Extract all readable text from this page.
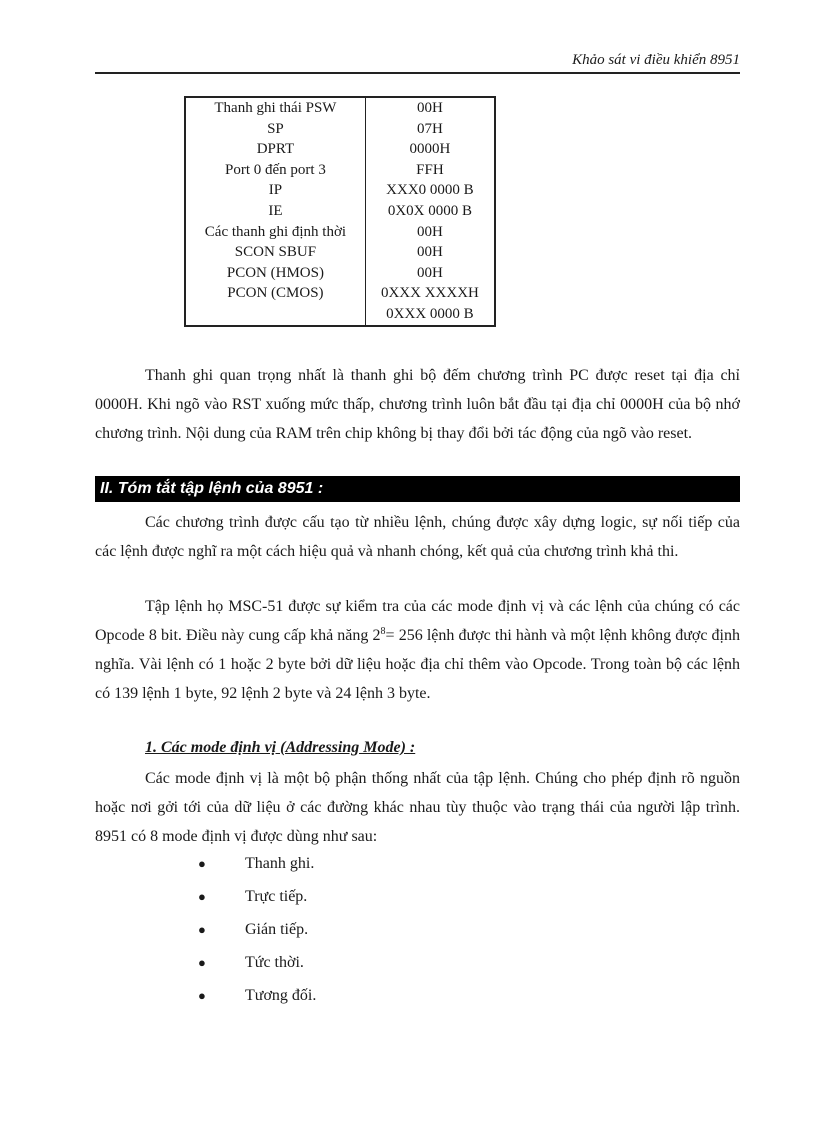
Khảo sát vi điều khiển 8951
Thanh ghi thái PSW	00H
SP	07H
DPRT	0000H
Port 0 đến port 3	FFH
IP	XXX0 0000 B
IE	0X0X 0000 B
Các thanh ghi định thời	00H
SCON SBUF	00H
PCON (HMOS)	00H
PCON (CMOS)	0XXX XXXXH
	0XXX 0000 B

Thanh ghi quan trọng nhất là thanh ghi bộ đếm chương trình PC được reset tại địa chỉ 0000H. Khi ngõ vào RST xuống mức thấp, chương trình luôn bắt đầu tại địa chỉ 0000H của bộ nhớ chương trình. Nội dung của RAM trên chip không bị thay đổi bởi tác động của ngõ vào reset.

II. Tóm tắt tập lệnh của 8951 :

Các chương trình được cấu tạo từ nhiều lệnh, chúng được xây dựng logic, sự nối tiếp của các lệnh được nghĩ ra một cách hiệu quả và nhanh chóng, kết quả của chương trình khả thi.

Tập lệnh họ MSC-51 được sự kiểm tra của các mode định vị và các lệnh của chúng có các Opcode 8 bit. Điều này cung cấp khả năng $2^8= 256$ lệnh được thi hành và một lệnh không được định nghĩa. Vài lệnh có 1 hoặc 2 byte bởi dữ liệu hoặc địa chỉ thêm vào Opcode. Trong toàn bộ các lệnh có 139 lệnh 1 byte, 92 lệnh 2 byte và 24 lệnh 3 byte.

1. Các mode định vị (Addressing Mode) :

Các mode định vị là một bộ phận thống nhất của tập lệnh. Chúng cho phép định rõ nguồn hoặc nơi gởi tới của dữ liệu ở các đường khác nhau tùy thuộc vào trạng thái của người lập trình. 8951 có 8 mode định vị được dùng như sau:

● Thanh ghi.
● Trực tiếp.
● Gián tiếp.
● Tức thời.
● Tương đối.
